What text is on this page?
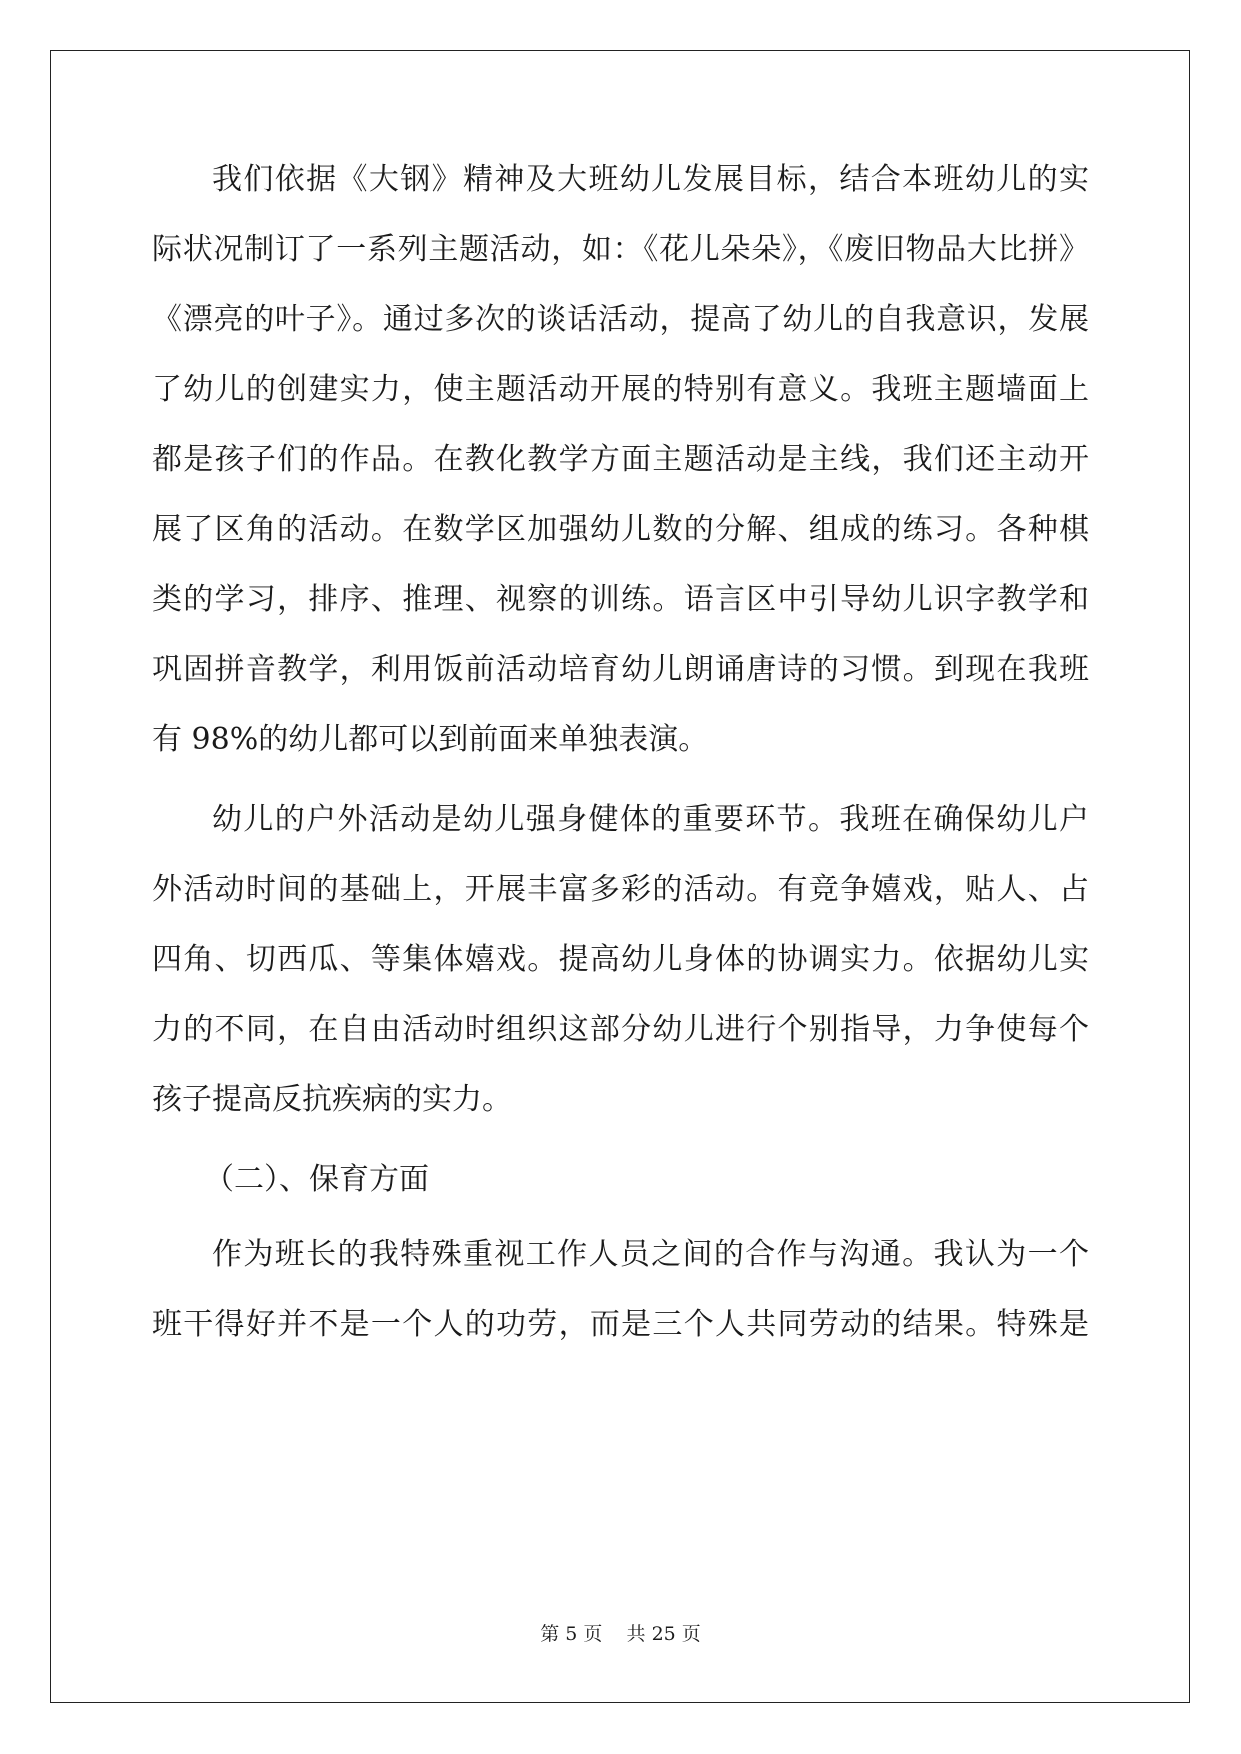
我们依据《大钢》精神及大班幼儿发展目标，结合本班幼儿的实
际状况制订了一系列主题活动，如：《花儿朵朵》，《废旧物品大比拼》
《漂亮的叶子》。通过多次的谈话活动，提高了幼儿的自我意识，发展
了幼儿的创建实力，使主题活动开展的特别有意义。我班主题墙面上
都是孩子们的作品。在教化教学方面主题活动是主线，我们还主动开
展了区角的活动。在数学区加强幼儿数的分解、组成的练习。各种棋
类的学习，排序、推理、视察的训练。语言区中引导幼儿识字教学和
巩固拼音教学，利用饭前活动培育幼儿朗诵唐诗的习惯。到现在我班
有 98%的幼儿都可以到前面来单独表演。
幼儿的户外活动是幼儿强身健体的重要环节。我班在确保幼儿户
外活动时间的基础上，开展丰富多彩的活动。有竞争嬉戏，贴人、占
四角、切西瓜、等集体嬉戏。提高幼儿身体的协调实力。依据幼儿实
力的不同，在自由活动时组织这部分幼儿进行个别指导，力争使每个
孩子提高反抗疾病的实力。
（二）、保育方面
作为班长的我特殊重视工作人员之间的合作与沟通。我认为一个
班干得好并不是一个人的功劳，而是三个人共同劳动的结果。特殊是
第 5 页    共 25 页
